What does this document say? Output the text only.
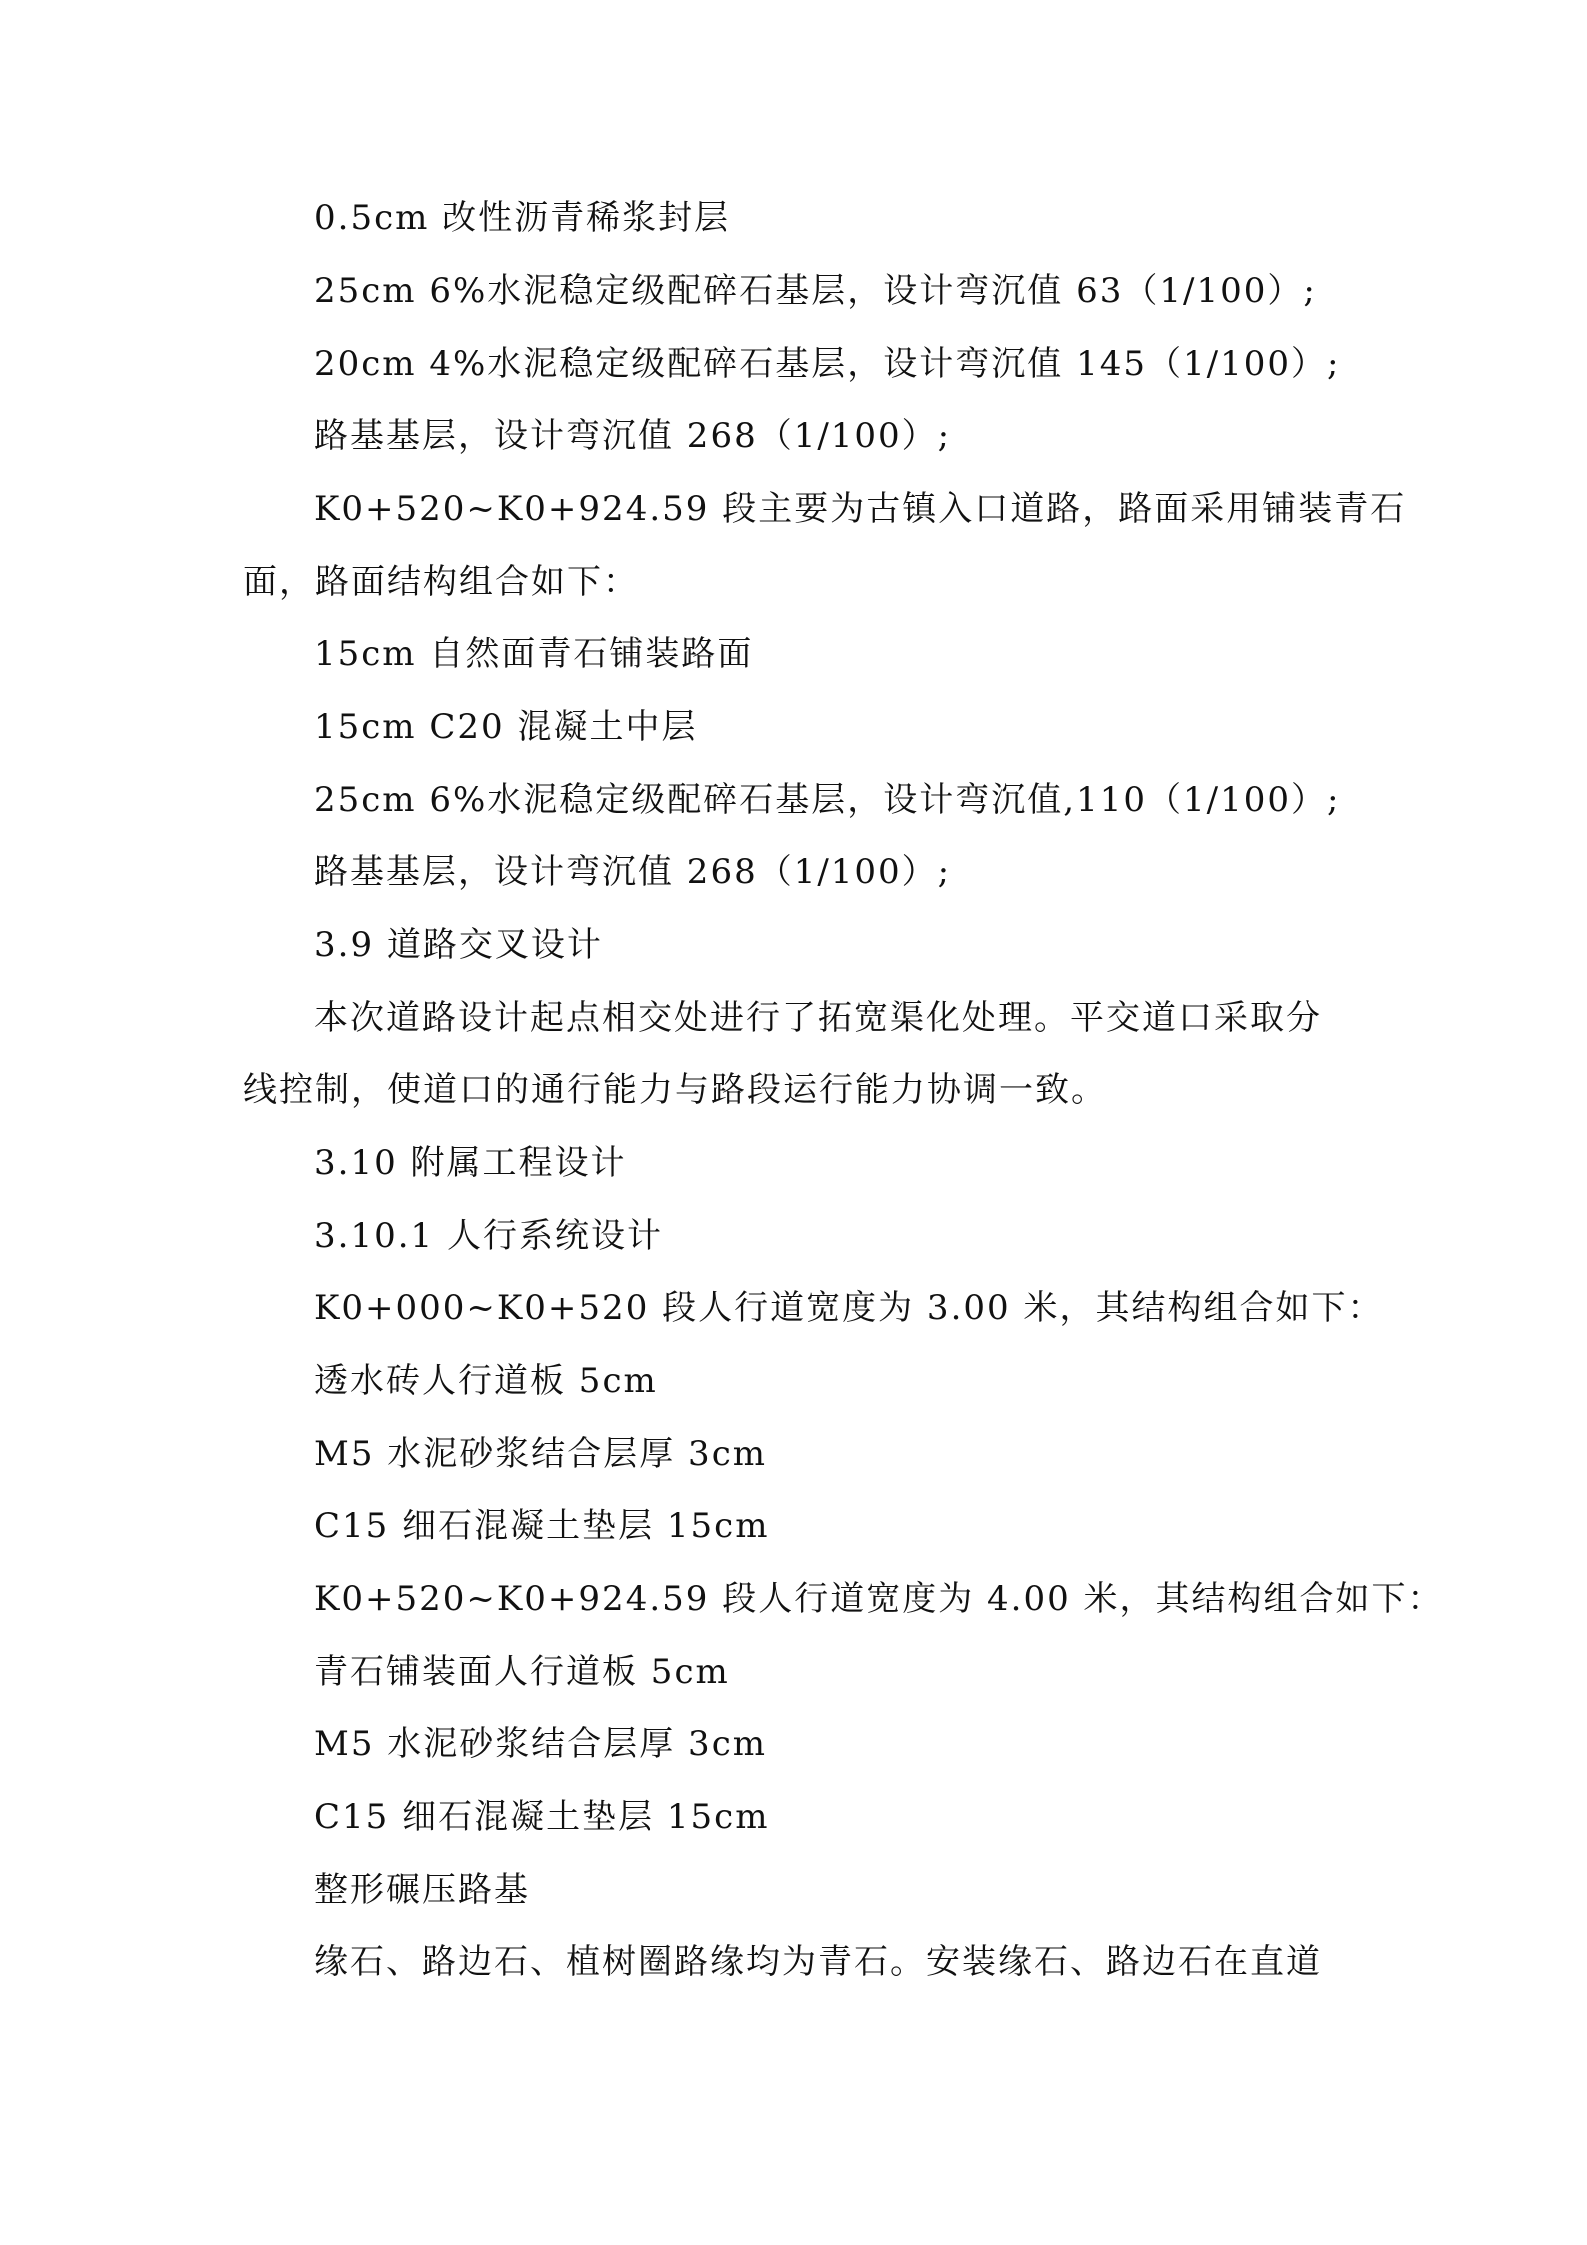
0.5cm 改性沥青稀浆封层
25cm 6%水泥稳定级配碎石基层，设计弯沉值 63（1/100）;
20cm 4%水泥稳定级配碎石基层，设计弯沉值 145（1/100）;
路基基层，设计弯沉值 268（1/100）;
K0+520~K0+924.59 段主要为古镇入口道路，路面采用铺装青石
面，路面结构组合如下：
15cm 自然面青石铺装路面
15cm C20 混凝土中层
25cm 6%水泥稳定级配碎石基层，设计弯沉值,110（1/100）;
路基基层，设计弯沉值 268（1/100）;
3.9 道路交叉设计
本次道路设计起点相交处进行了拓宽渠化处理。平交道口采取分
线控制，使道口的通行能力与路段运行能力协调一致。
3.10 附属工程设计
3.10.1 人行系统设计
K0+000~K0+520 段人行道宽度为 3.00 米，其结构组合如下：
透水砖人行道板 5cm
M5 水泥砂浆结合层厚 3cm
C15 细石混凝土垫层 15cm
K0+520~K0+924.59 段人行道宽度为 4.00 米，其结构组合如下：
青石铺装面人行道板 5cm
M5 水泥砂浆结合层厚 3cm
C15 细石混凝土垫层 15cm
整形碾压路基
缘石、路边石、植树圈路缘均为青石。安装缘石、路边石在直道
